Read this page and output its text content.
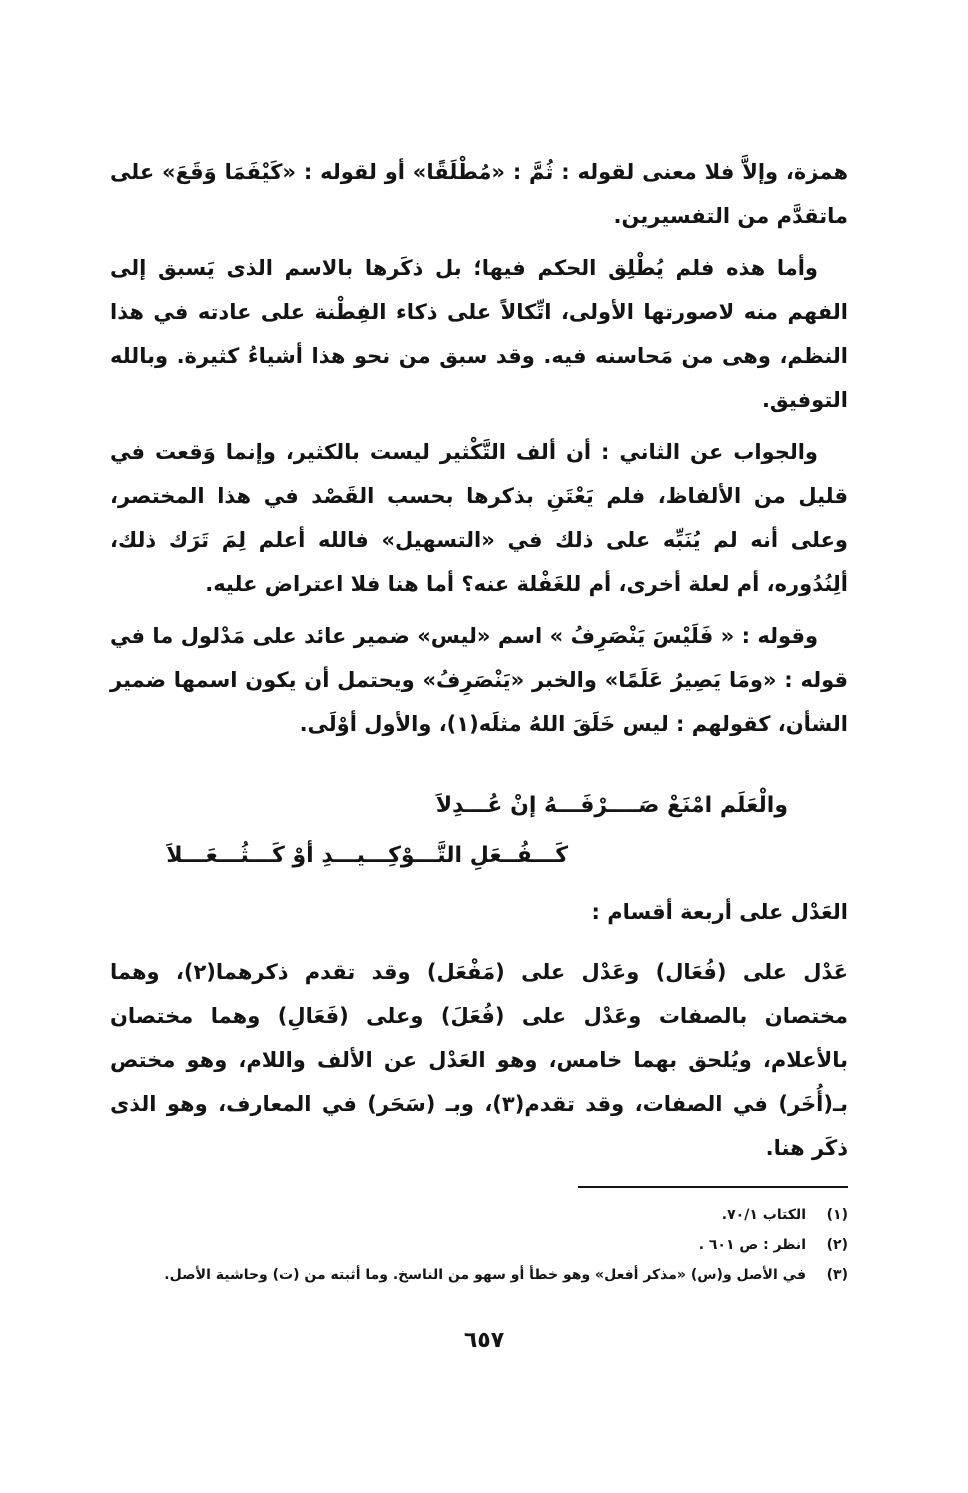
همزة، وإلاَّ فلا معنى لقوله : ثُمَّ : «مُطْلَقًا» أو لقوله : «كَيْفَمَا وَقَعَ» على ماتقدَّم من التفسيرين.

وأما هذه فلم يُطْلِق الحكم فيها؛ بل ذكَرها بالاسم الذى يَسبق إلى الفهم منه لاصورتها الأولى، اتِّكالاً على ذكاء الفِطْنة على عادته في هذا النظم، وهى من مَحاسنه فيه. وقد سبق من نحو هذا أشياءُ كثيرة. وبالله التوفيق.

والجواب عن الثاني : أن ألف التَّكْثير ليست بالكثير، وإنما وَقعت في قليل من الألفاظ، فلم يَعْتَنِ بذكرها بحسب القَصْد في هذا المختصر، وعلى أنه لم يُنَبِّه على ذلك في «التسهيل» فالله أعلم لِمَ تَرَك ذلك، ألِنُدُوره، أم لعلة أخرى، أم للغَفْلة عنه؟ أما هنا فلا اعتراض عليه.

وقوله : « فَلَيْسَ يَنْصَرِفُ » اسم «ليس» ضمير عائد على مَدْلول ما في قوله : «ومَا يَصِيرُ عَلَمًا» والخبر «يَنْصَرِفُ» ويحتمل أن يكون اسمها ضمير الشأن، كقولهم : ليس خَلَقَ اللهُ مثلَه(١)، والأول أوْلَى.

والْعَلَم امْنَعْ صَــــرْفَـــهُ إنْ عُـــدِلاَ
كَـــفُــعَلِ التَّـــوْكِـــيـــدِ أوْ كَـــثُـــعَـــلاَ
العَدْل على أربعة أقسام :

عَدْل على (فُعَال) وعَدْل على (مَفْعَل) وقد تقدم ذكرهما(٢)، وهما مختصان بالصفات وعَدْل على (فُعَلَ) وعلى (فَعَالِ) وهما مختصان بالأعلام، ويُلحق بهما خامس، وهو العَدْل عن الألف واللام، وهو مختص بـ(أُخَر) في الصفات، وقد تقدم(٣)، وبـ (سَحَر) في المعارف، وهو الذى ذكَر هنا.

(١)
الكتاب ٧٠/١.
(٢)
انظر : ص ٦٠١ .
(٣)
في الأصل و(س) «مذكر أفعل» وهو خطأ أو سهو من الناسخ. وما أثبته من (ت) وحاشية الأصل.
٦٥٧
